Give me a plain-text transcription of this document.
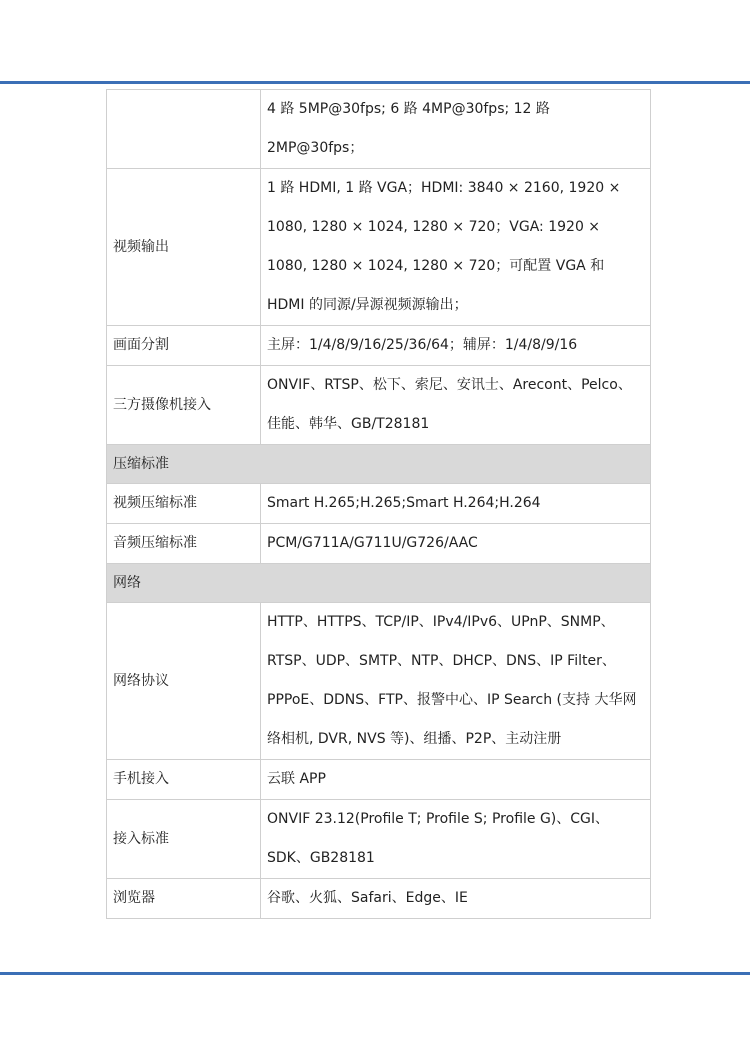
	4 路 5MP@30fps; 6 路 4MP@30fps; 12 路 2MP@30fps；
视频输出	1 路 HDMI, 1 路 VGA；HDMI: 3840 × 2160, 1920 × 1080, 1280 × 1024, 1280 × 720；VGA: 1920 × 1080, 1280 × 1024, 1280 × 720；可配置 VGA 和 HDMI 的同源/异源视频源输出；
画面分割	主屏：1/4/8/9/16/25/36/64；辅屏：1/4/8/9/16
三方摄像机接入	ONVIF、RTSP、松下、索尼、安讯士、Arecont、Pelco、佳能、韩华、GB/T28181
压缩标准	
视频压缩标准	Smart H.265;H.265;Smart H.264;H.264
音频压缩标准	PCM/G711A/G711U/G726/AAC
网络	
网络协议	HTTP、HTTPS、TCP/IP、IPv4/IPv6、UPnP、SNMP、RTSP、UDP、SMTP、NTP、DHCP、DNS、IP Filter、PPPoE、DDNS、FTP、报警中心、IP Search (支持 大华网络相机, DVR, NVS 等)、组播、P2P、主动注册
手机接入	云联 APP
接入标准	ONVIF 23.12(Profile T; Profile S; Profile G)、CGI、SDK、GB28181
浏览器	谷歌、火狐、Safari、Edge、IE
